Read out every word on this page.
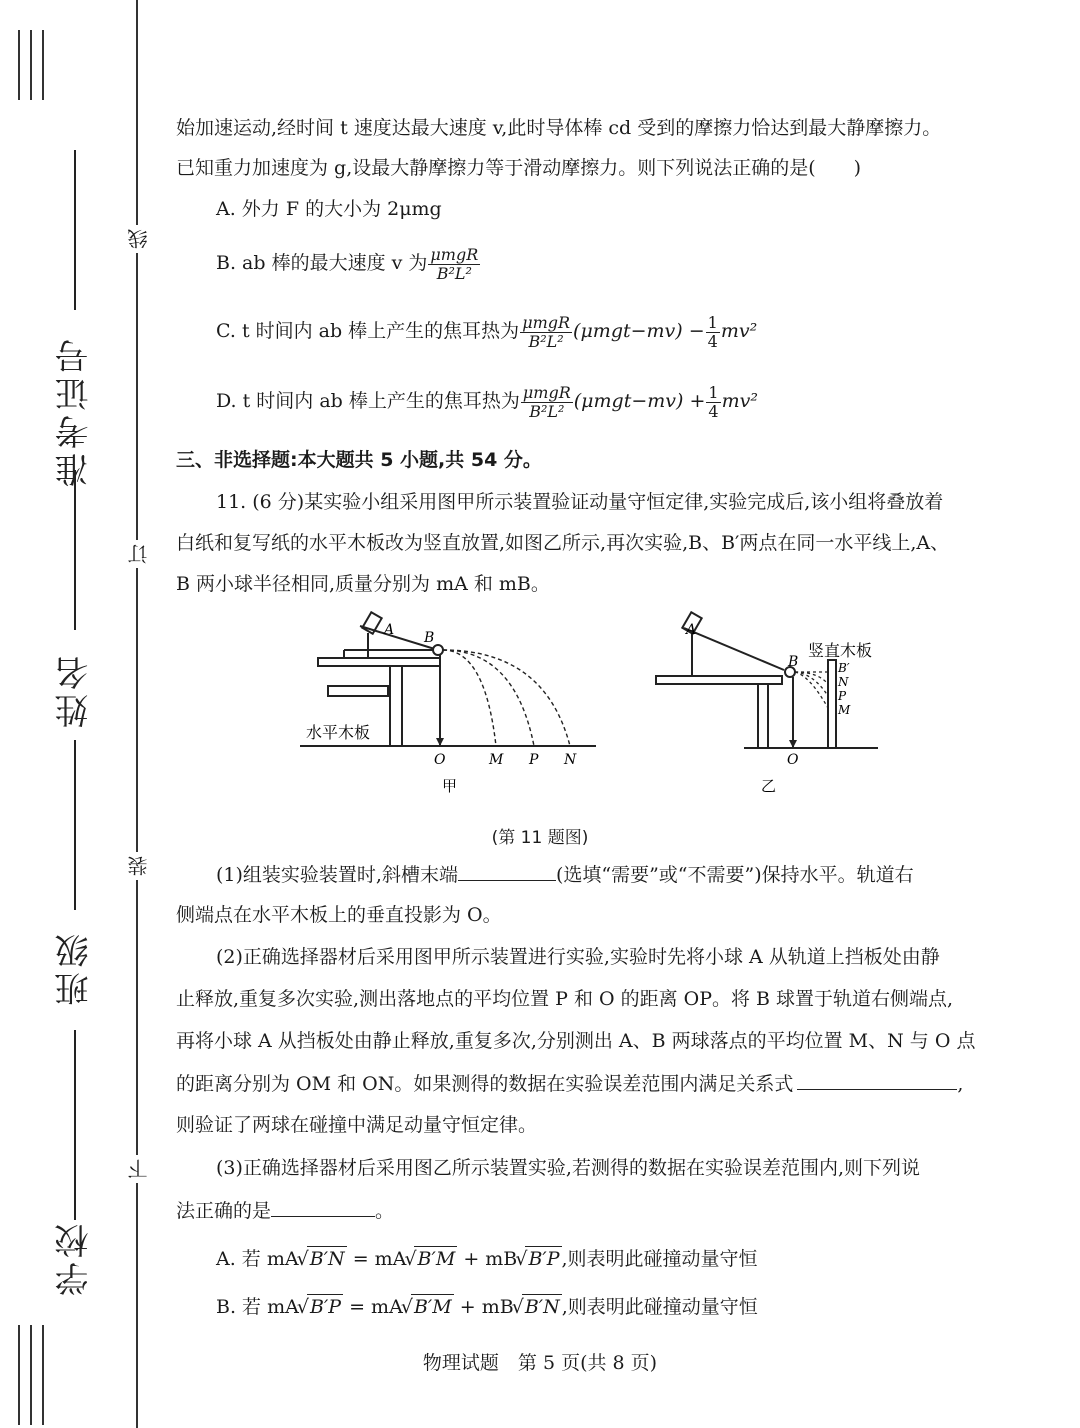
准考证号
姓名
班级
学校
线
订
装
下
始加速运动,经时间 t 速度达最大速度 v,此时导体棒 cd 受到的摩擦力恰达到最大静摩擦力。
已知重力加速度为 g,设最大静摩擦力等于滑动摩擦力。则下列说法正确的是(　　)
A. 外力 F 的大小为 2μmg
B. ab 棒的最大速度 v 为 $\frac{\text{μmgR}}{\text{B²L²}}$
C. t 时间内 ab 棒上产生的焦耳热为 $\frac{\text{μmgR}}{\text{B²L²}} (\mu mgt-mv) - \frac{1}{4} mv^2$
D. t 时间内 ab 棒上产生的焦耳热为 $\frac{\text{μmgR}}{\text{B²L²}} (\mu mgt-mv) + \frac{1}{4} mv^2$
三、非选择题:本大题共 5 小题,共 54 分。
11. (6 分)某实验小组采用图甲所示装置验证动量守恒定律,实验完成后,该小组将叠放着
白纸和复写纸的水平木板改为竖直放置,如图乙所示,再次实验,B、B′两点在同一水平线上,A、
B 两小球半径相同,质量分别为 mA 和 mB。
水平木板
A B
O	M P N
甲
竖直木板
A
B	B′
N
P
M
O
乙
(第 11 题图)
(1)组装实验装置时,斜槽末端	(选填“需要”或“不需要”)保持水平。轨道右
侧端点在水平木板上的垂直投影为 O。
(2)正确选择器材后采用图甲所示装置进行实验,实验时先将小球 A 从轨道上挡板处由静
止释放,重复多次实验,测出落地点的平均位置 P 和 O 的距离 OP。将 B 球置于轨道右侧端点,
再将小球 A 从挡板处由静止释放,重复多次,分别测出 A、B 两球落点的平均位置 M、N 与 O 点
的距离分别为 OM 和 ON。如果测得的数据在实验误差范围内满足关系式	,
则验证了两球在碰撞中满足动量守恒定律。
(3)正确选择器材后采用图乙所示装置实验,若测得的数据在实验误差范围内,则下列说
法正确的是	。
A. 若 mA √ B′N = mA √ B′M + mB √ B′P ,则表明此碰撞动量守恒
B. 若 mA √ B′P = mA √ B′M + mB √ B′N ,则表明此碰撞动量守恒
物理试题　第 5 页(共 8 页)
